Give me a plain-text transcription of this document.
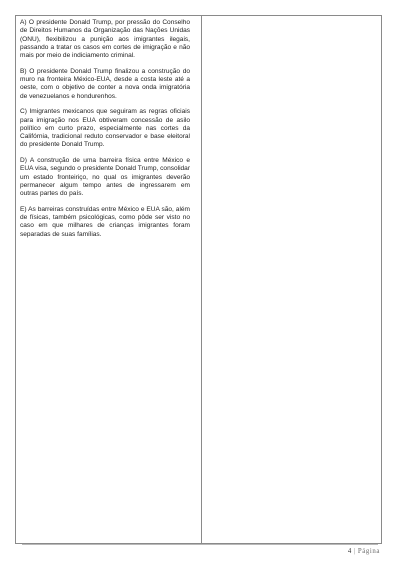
A) O presidente Donald Trump, por pressão do Conselho de Direitos Humanos da Organização das Nações Unidas (ONU), flexibilizou a punição aos imigrantes ilegais, passando a tratar os casos em cortes de imigração e não mais por meio de indiciamento criminal.

B) O presidente Donald Trump finalizou a construção do muro na fronteira México-EUA, desde a costa leste até a oeste, com o objetivo de conter a nova onda imigratória de venezuelanos e hondurenhos.

C) Imigrantes mexicanos que seguiram as regras oficiais para imigração nos EUA obtiveram concessão de asilo político em curto prazo, especialmente nas cortes da Califórnia, tradicional reduto conservador e base eleitoral do presidente Donald Trump.

D) A construção de uma barreira física entre México e EUA visa, segundo o presidente Donald Trump, consolidar um estado fronteiriço, no qual os imigrantes deverão permanecer algum tempo antes de ingressarem em outras partes do país.

E) As barreiras construídas entre México e EUA são, além de físicas, também psicológicas, como pôde ser visto no caso em que milhares de crianças imigrantes foram separadas de suas famílias.

4 | Página
